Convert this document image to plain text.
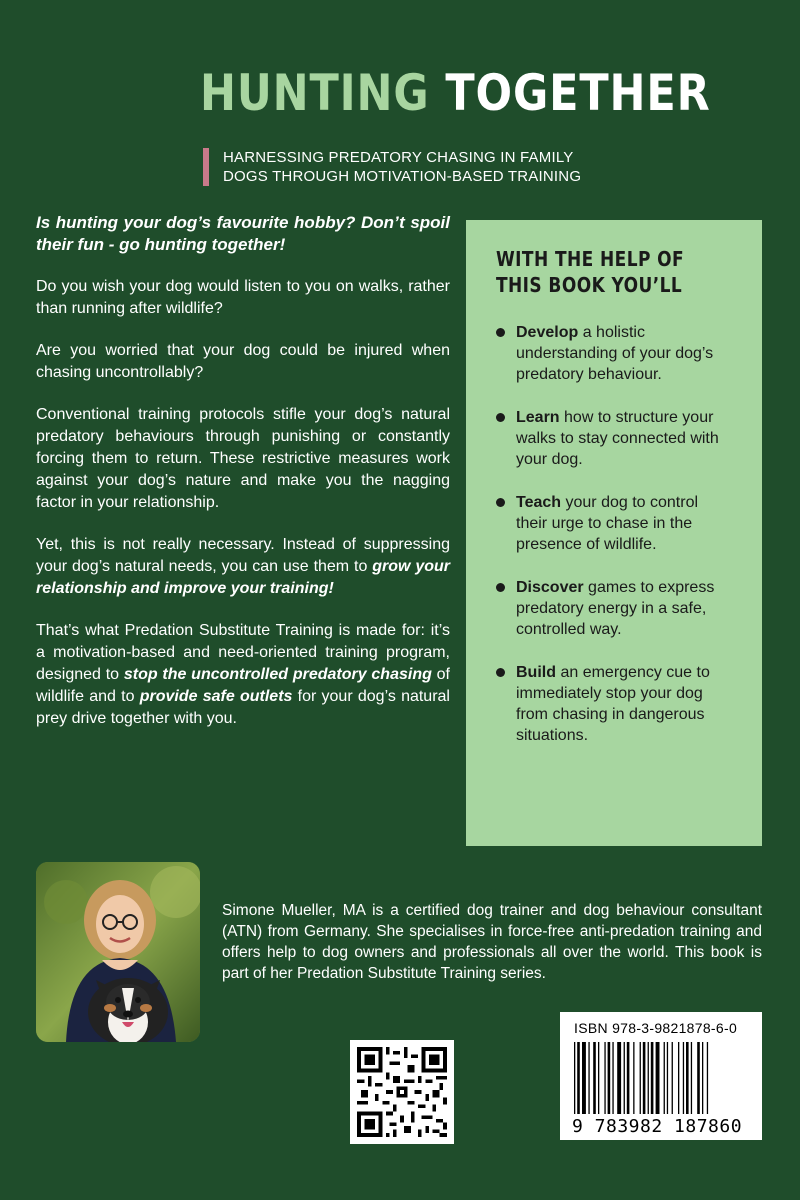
HUNTING TOGETHER
HARNESSING PREDATORY CHASING IN FAMILY
DOGS THROUGH MOTIVATION-BASED TRAINING

Is hunting your dog’s favourite hobby? Don’t spoil their fun - go hunting together!

Do you wish your dog would listen to you on walks, rather than running after wildlife?

Are you worried that your dog could be injured when chasing uncontrollably?

Conventional training protocols stifle your dog’s natural predatory behaviours through punishing or constantly forcing them to return. These restrictive measures work against your dog’s nature and make you the nagging factor in your relationship.

Yet, this is not really necessary. Instead of suppressing your dog’s natural needs, you can use them to grow your relationship and improve your training!

That’s what Predation Substitute Training is made for: it’s a motivation-based and need-oriented training program, designed to stop the uncontrolled predatory chasing of wildlife and to provide safe outlets for your dog’s natural prey drive together with you.

WITH THE HELP OF
THIS BOOK YOU’LL
Develop a holistic understanding of your dog’s predatory behaviour.
Learn how to structure your walks to stay connected with your dog.
Teach your dog to control their urge to chase in the presence of wildlife.
Discover games to express predatory energy in a safe, controlled way.
Build an emergency cue to immediately stop your dog from chasing in dangerous situations.
Simone Mueller, MA is a certified dog trainer and dog behaviour consultant (ATN) from Germany. She specialises in force-free anti-predation training and offers help to dog owners and professionals all over the world. This book is part of her Predation Substitute Training series.
ISBN 978-3-9821878-6-0
9 783982 187860
